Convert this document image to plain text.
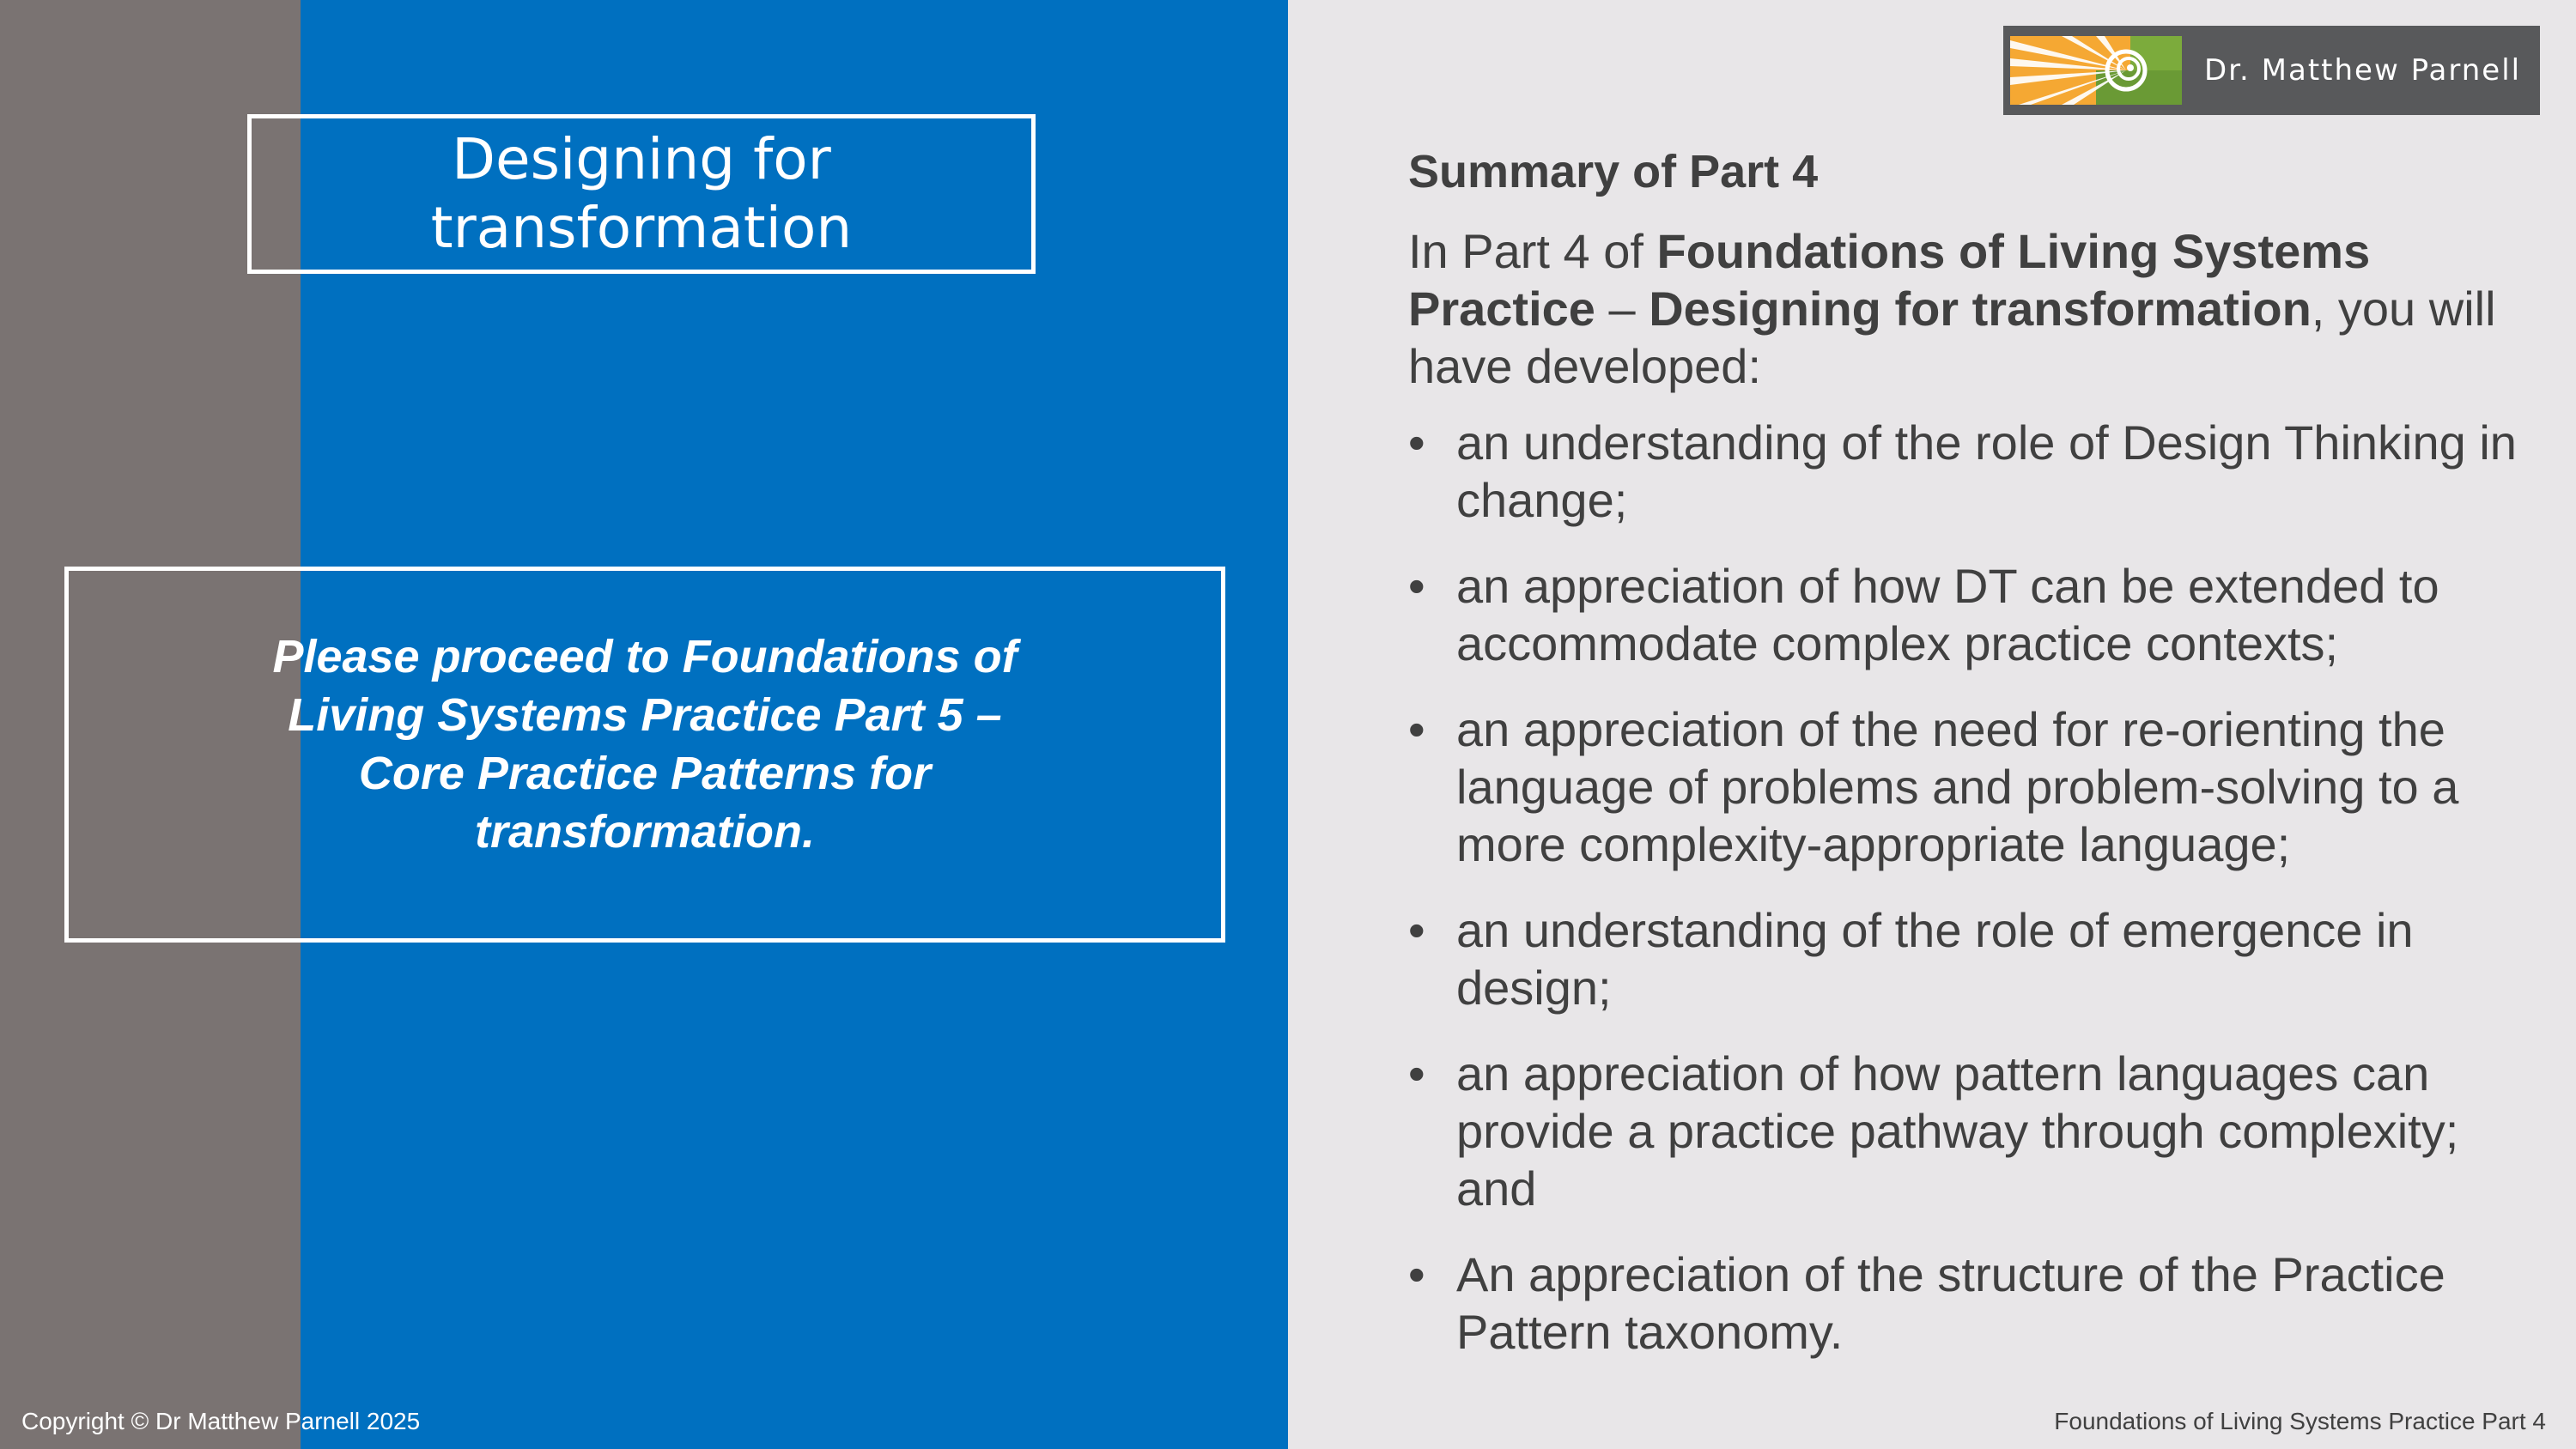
Designing for
transformation
Please proceed to Foundations of
Living Systems Practice Part 5 –
Core Practice Patterns for
transformation.
Dr. Matthew Parnell
Summary of Part 4
In Part 4 of Foundations of Living Systems Practice – Designing for transformation, you will have developed:
• an understanding of the role of Design Thinking in change;
• an appreciation of how DT can be extended to accommodate complex practice contexts;
• an appreciation of the need for re-orienting the language of problems and problem-solving to a more complexity-appropriate language;
• an understanding of the role of emergence in design;
• an appreciation of how pattern languages can provide a practice pathway through complexity; and
• An appreciation of the structure of the Practice Pattern taxonomy.
Copyright © Dr Matthew Parnell 2025	Foundations of Living Systems Practice Part 4
